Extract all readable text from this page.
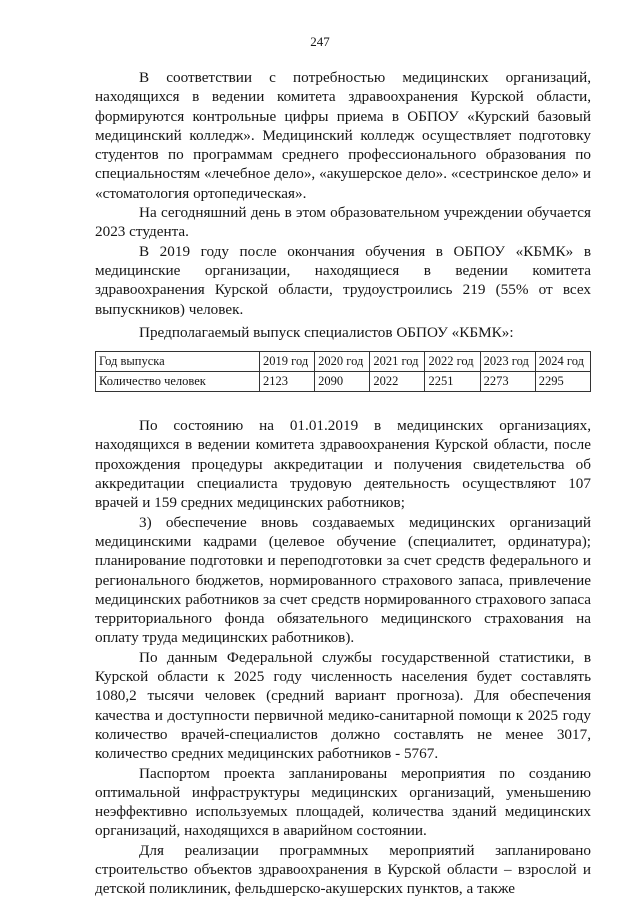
247

В соответствии с потребностью медицинских организаций, находящихся в ведении комитета здравоохранения Курской области, формируются контрольные цифры приема в ОБПОУ «Курский базовый медицинский колледж». Медицинский колледж осуществляет подготовку студентов по программам среднего профессионального образования по специальностям «лечебное дело», «акушерское дело». «сестринское дело» и «стоматология ортопедическая».

На сегодняшний день в этом образовательном учреждении обучается 2023 студента.

В 2019 году после окончания обучения в ОБПОУ «КБМК» в медицинские организации, находящиеся в ведении комитета здравоохранения Курской области, трудоустроились 219 (55% от всех выпускников) человек.

Предполагаемый выпуск специалистов ОБПОУ «КБМК»:

Год выпуска	2019 год	2020 год	2021 год	2022 год	2023 год	2024 год
Количество человек	2123	2090	2022	2251	2273	2295

По состоянию на 01.01.2019 в медицинских организациях, находящихся в ведении комитета здравоохранения Курской области, после прохождения процедуры аккредитации и получения свидетельства об аккредитации специалиста трудовую деятельность осуществляют 107 врачей и 159 средних медицинских работников;

3) обеспечение вновь создаваемых медицинских организаций медицинскими кадрами (целевое обучение (специалитет, ординатура); планирование подготовки и переподготовки за счет средств федерального и регионального бюджетов, нормированного страхового запаса, привлечение медицинских работников за счет средств нормированного страхового запаса территориального фонда обязательного медицинского страхования на оплату труда медицинских работников).

По данным Федеральной службы государственной статистики, в Курской области к 2025 году численность населения будет составлять 1080,2 тысячи человек (средний вариант прогноза). Для обеспечения качества и доступности первичной медико-санитарной помощи к 2025 году количество врачей-специалистов должно составлять не менее 3017, количество средних медицинских работников - 5767.

Паспортом проекта запланированы мероприятия по созданию оптимальной инфраструктуры медицинских организаций, уменьшению неэффективно используемых площадей, количества зданий медицинских организаций, находящихся в аварийном состоянии.

Для реализации программных мероприятий запланировано строительство объектов здравоохранения в Курской области – взрослой и детской поликлиник, фельдшерско-акушерских пунктов, а также
